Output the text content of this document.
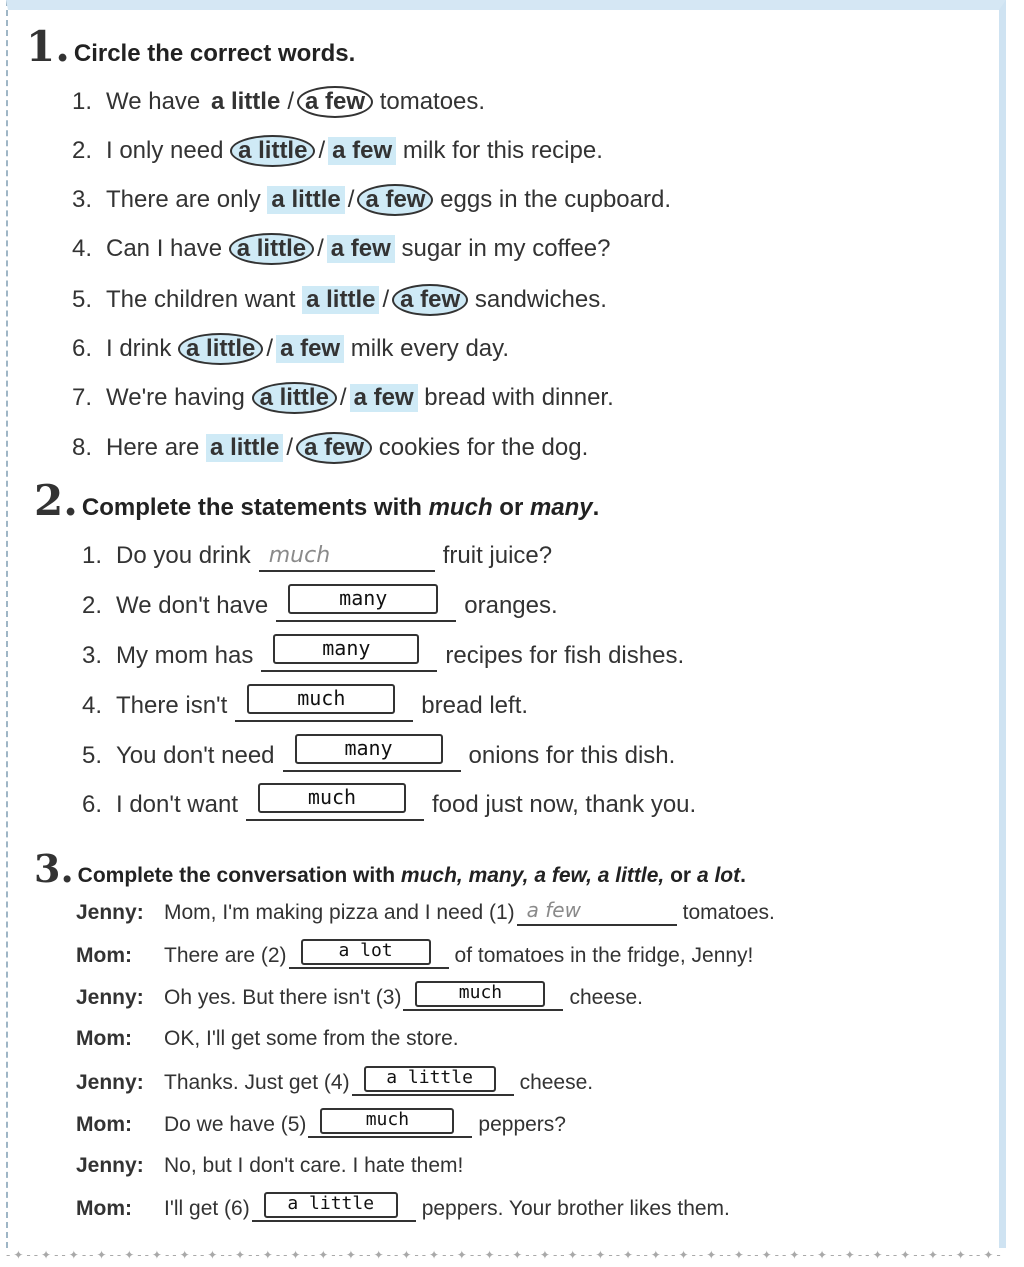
1. Circle the correct words.
1. We have
a little / a few
tomatoes.
2. I only need
a little / a few
milk for this recipe.
3. There are only
a little / a few
eggs in the cupboard.
4. Can I have
a little / a few
sugar in my coffee?
5. The children want
a little / a few
sandwiches.
6. I drink
a little / a few
milk every day.
7. We're having
a little / a few
bread with dinner.
8. Here are
a little / a few
cookies for the dog.
2. Complete the statements with much or many.
1. Do you drink much	fruit juice?
2. We don't have	many	oranges.
3. My mom has	many	recipes for fish dishes.
4. There isn't	much	bread left.
5. You don't need	many	onions for this dish.
6. I don't want	much	food just now, thank you.
3. Complete the conversation with much, many, a few, a little, or a lot.
Jenny: Mom, I'm making pizza and I need (1) a few	tomatoes.
Mom:	There are (2)	a lot	of tomatoes in the fridge, Jenny!
Jenny: Oh yes. But there isn't (3)	much	cheese.
Mom:	OK, I'll get some from the store.
Jenny: Thanks. Just get (4)	a little	cheese.
Mom:	Do we have (5)	much	peppers?
Jenny: No, but I don't care. I hate them!
Mom:	I'll get (6)	a little	peppers. Your brother likes them.
-✦--✦--✦--✦--✦--✦--✦--✦--✦--✦--✦--✦--✦--✦--✦--✦--✦--✦--✦--✦--✦--✦--✦--✦--✦--✦--✦--✦--✦--✦--✦--✦--✦--✦--✦--✦-
